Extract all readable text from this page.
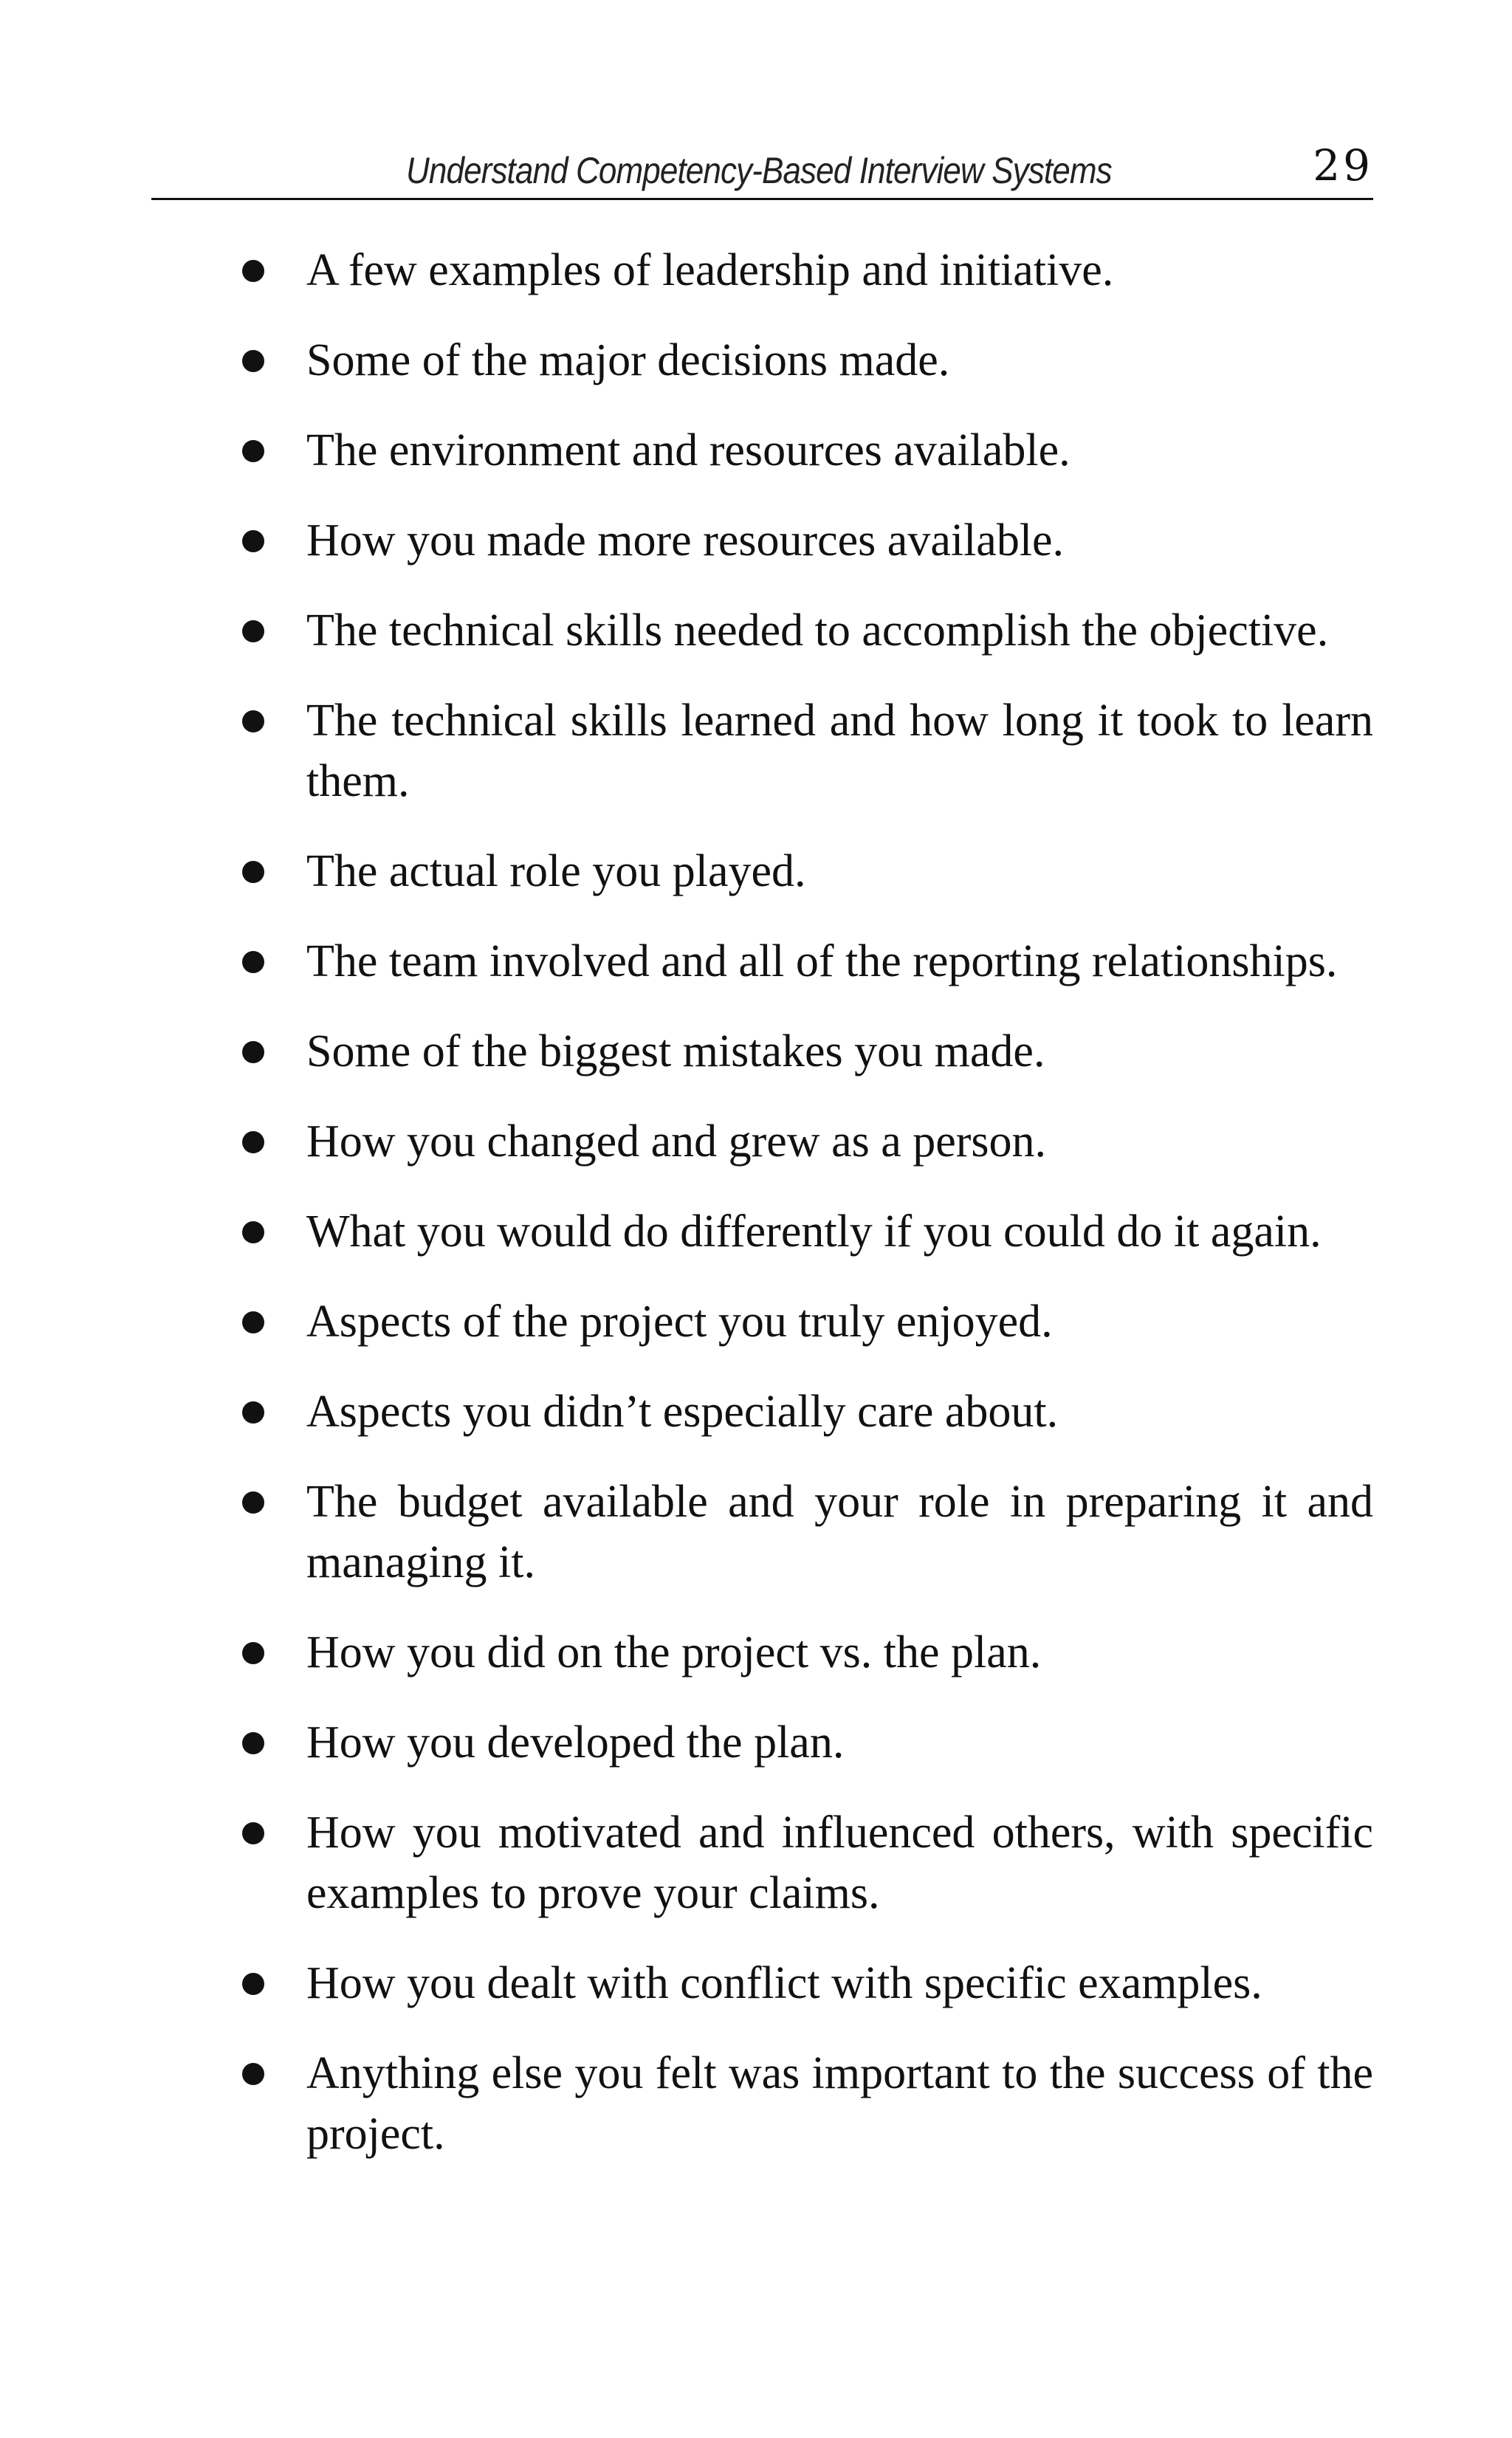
Understand Competency-Based Interview Systems	29
A few examples of leadership and initiative.
Some of the major decisions made.
The environment and resources available.
How you made more resources available.
The technical skills needed to accomplish the objective.
The technical skills learned and how long it took to learn them.
The actual role you played.
The team involved and all of the reporting relationships.
Some of the biggest mistakes you made.
How you changed and grew as a person.
What you would do differently if you could do it again.
Aspects of the project you truly enjoyed.
Aspects you didn’t especially care about.
The budget available and your role in preparing it and managing it.
How you did on the project vs. the plan.
How you developed the plan.
How you motivated and influenced others, with specific examples to prove your claims.
How you dealt with conflict with specific examples.
Anything else you felt was important to the success of the project.
